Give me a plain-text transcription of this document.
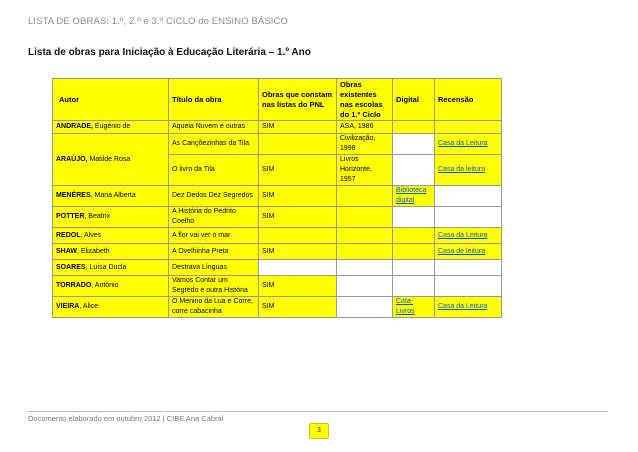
LISTA DE OBRAS: 1.º, 2.º e 3.º CICLO do ENSINO BÁSICO
Lista de obras para Iniciação à Educação Literária – 1.º Ano
Autor	Título da obra	Obras que constam nas listas do PNL	Obras existentes nas escolas do 1.º Ciclo	Digital	Recensão
ANDRADE, Eugénio de	Aqueia Nuvem e outras	SIM	ASA, 1986		
ARAÚJO, Matilde Rosa	As Cançõezinhas da Tila		Civilização, 1998		Casa da Leitura
	O livro da Tila	SIM	Livros Horizonte, 1957		Casa da leitura
MENÉRES, Maria Alberta	Dez Dedos Dez Segredos	SIM		Biblioteca digital	
POTTER, Beatrix	A História do Pedrito Coelho	SIM			
REDOL, Alves	A flor vai ver o mar				Casa da Leitura
SHAW, Elizabeth	A Ovelhinha Preta	SIM			Casa de leitura
SOARES, Luísa Ducla	Destrava Línguas				
TORRADO, António	Vamos Contar um Segredo e outra História	SIM			
VIEIRA, Alice	O Menino da Lua e Corre, corre cabacinha	SIM		Cata-Livros	Casa da Leitura
Documento elaborado em outubro 2012 | CIBE Ana Cabral
3
